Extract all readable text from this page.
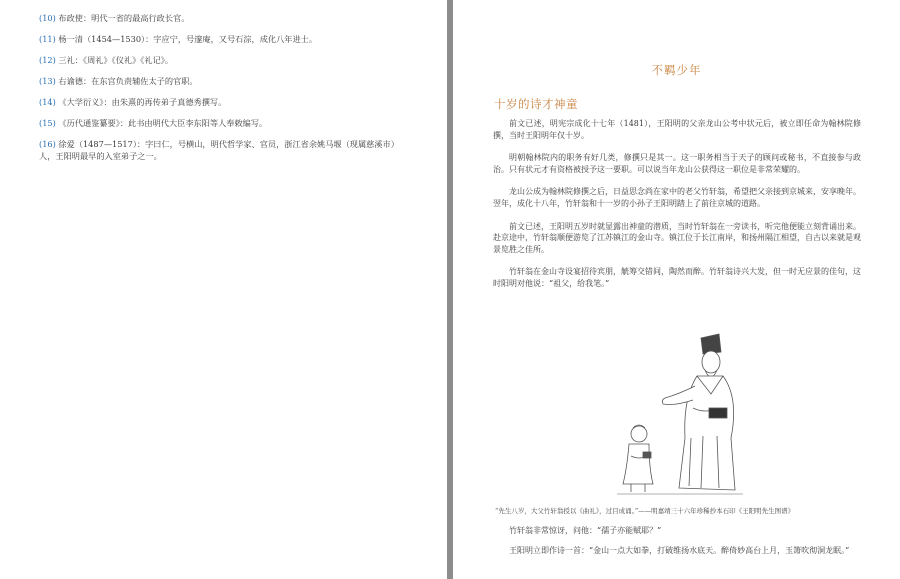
(10) 布政使：明代一省的最高行政长官。

(11) 杨一清（1454—1530）：字应宁，号邃庵，又号石淙，成化八年进士。

(12) 三礼：《周礼》《仪礼》《礼记》。

(13) 右谕德：在东宫负责辅佐太子的官职。

(14) 《大学衍义》：由朱熹的再传弟子真德秀撰写。

(15) 《历代通鉴纂要》：此书由明代大臣李东阳等人奉敕编写。

(16) 徐爱（1487—1517）：字曰仁，号横山，明代哲学家、官员，浙江省余姚马堰（现属慈溪市）人，王阳明最早的入室弟子之一。

不羁少年
十岁的诗才神童

前文已述，明宪宗成化十七年（1481），王阳明的父亲龙山公考中状元后，被立即任命为翰林院修撰，当时王阳明年仅十岁。

明朝翰林院内的职务有好几类，修撰只是其一。这一职务相当于天子的顾问或秘书，不直接参与政治。只有状元才有资格被授予这一要职。可以说当年龙山公获得这一职位是非常荣耀的。

龙山公成为翰林院修撰之后，日益思念尚在家中的老父竹轩翁，希望把父亲接到京城来，安享晚年。翌年，成化十八年，竹轩翁和十一岁的小孙子王阳明踏上了前往京城的道路。

前文已述，王阳明五岁时就显露出神童的潜质，当时竹轩翁在一旁读书，听完他便能立刻背诵出来。赴京途中，竹轩翁顺便游览了江苏镇江的金山寺。镇江位于长江南岸，和扬州隔江相望，自古以来就是观景览胜之佳所。

竹轩翁在金山寺设宴招待宾朋，觥筹交错间，陶然而醉。竹轩翁诗兴大发，但一时无应景的佳句，这时阳明对他说：“祖父，给我笔。”

“先生八岁，大父竹轩翁授以《曲礼》，过目成诵。”——明嘉靖三十六年珍稀抄本石印《王阳明先生图谱》

竹轩翁非常惊讶，问他：“孺子亦能赋耶？”

王阳明立即作诗一首：“金山一点大如拳，打破维扬水底天。醉倚妙高台上月，玉箫吹彻洞龙眠。”
